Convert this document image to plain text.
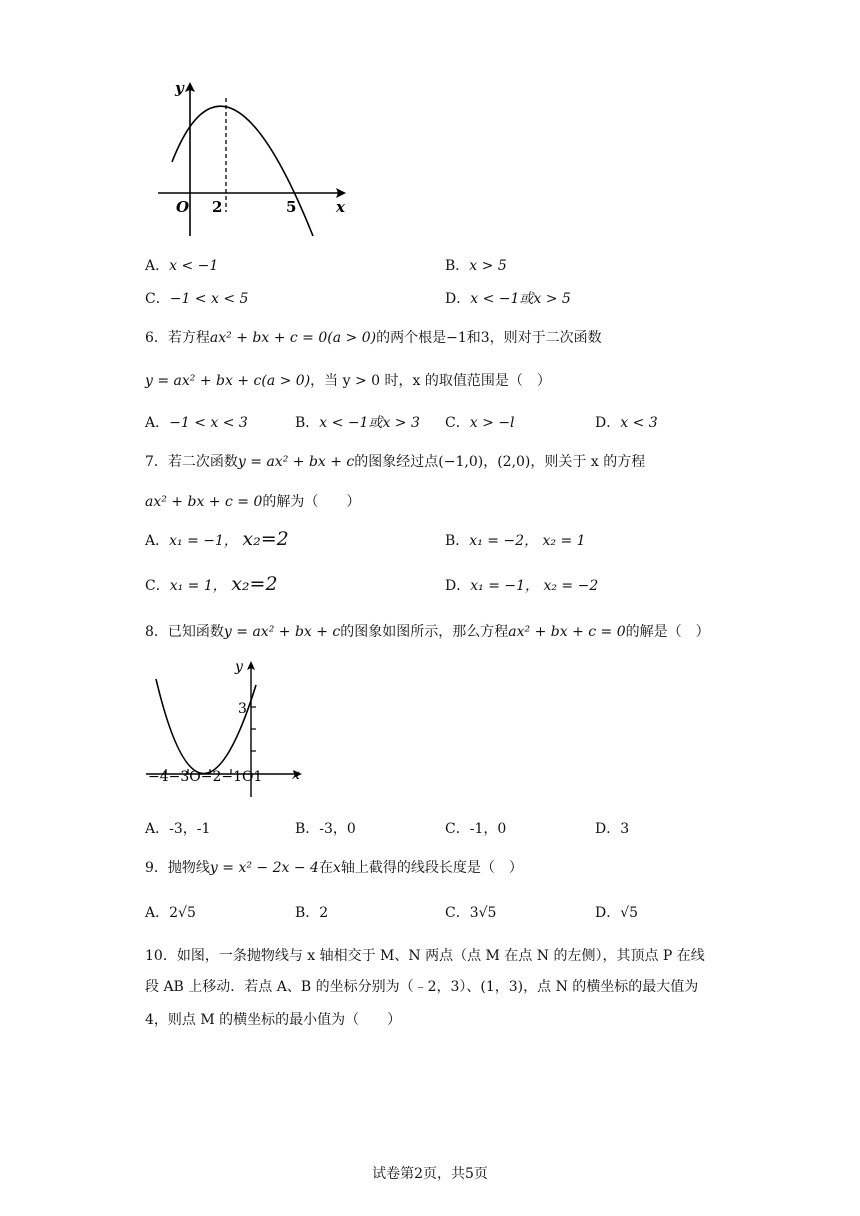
y
O 2	5	x
A．x < −1	B．x > 5
C．−1 < x < 5	D．x < −1或x > 5
6．若方程ax² + bx + c = 0(a > 0)的两个根是−1和3，则对于二次函数
y = ax² + bx + c(a > 0)，当 y > 0 时，x 的取值范围是（　）
A．−1 < x < 3	B．x < −1或x > 3 C．x > −l	D．x < 3
7．若二次函数y = ax² + bx + c的图象经过点(−1,0)，(2,0)，则关于 x 的方程
ax² + bx + c = 0的解为（　　）
A．x₁ = −1， x₂=2	B．x₁ = −2， x₂ = 1
C．x₁ = 1， x₂=2	D．x₁ = −1， x₂ = −2
8．已知函数y = ax² + bx + c的图象如图所示，那么方程ax² + bx + c = 0的解是（　）
y
3
−4−3O−2−1O1 x
A．-3，-1	B．-3，0	C．-1，0	D．3
9．抛物线y = x² − 2x − 4在x轴上截得的线段长度是（　）
A．2√5	B．2	C．3√5	D．√5
10．如图，一条抛物线与 x 轴相交于 M、N 两点（点 M 在点 N 的左侧），其顶点 P 在线
段 AB 上移动．若点 A、B 的坐标分别为（﹣2，3）、(1，3)，点 N 的横坐标的最大值为
4，则点 M 的横坐标的最小值为（　　）
试卷第2页，共5页
